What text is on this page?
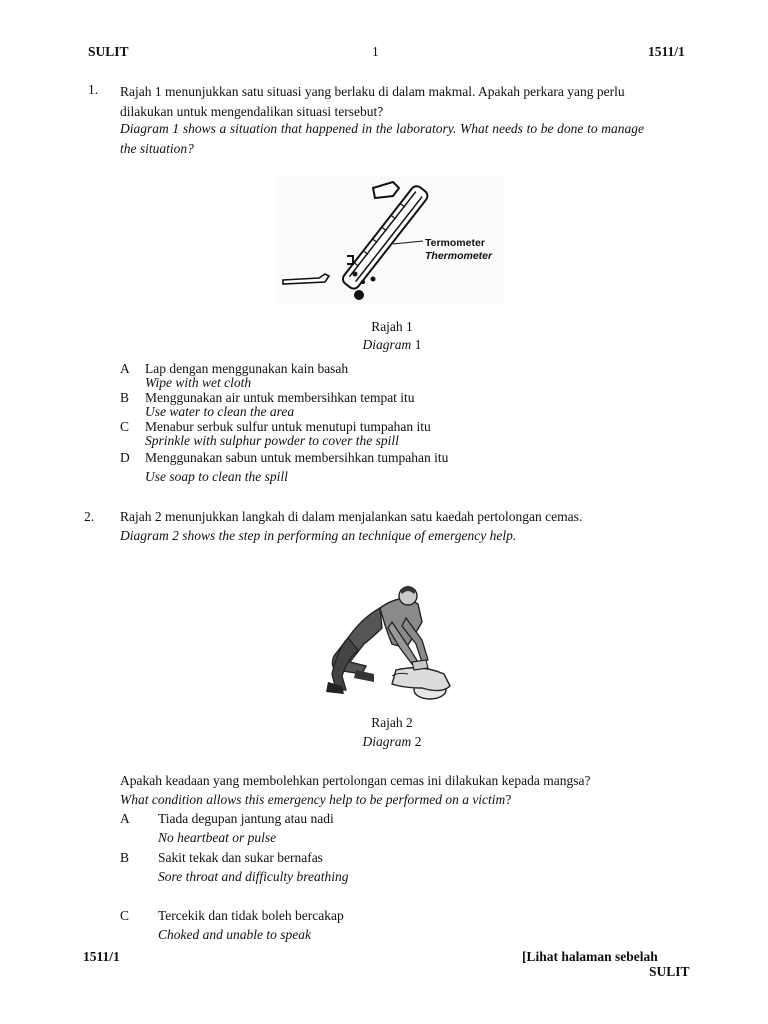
SULIT	1	1511/1
1. Rajah 1 menunjukkan satu situasi yang berlaku di dalam makmal. Apakah perkara yang perlu dilakukan untuk mengendalikan situasi tersebut?
Diagram 1 shows a situation that happened in the laboratory. What needs to be done to manage the situation?
Termometer
Thermometer
Rajah 1
Diagram 1
A Lap dengan menggunakan kain basah
Wipe with wet cloth
B Menggunakan air untuk membersihkan tempat itu
Use water to clean the area
C Menabur serbuk sulfur untuk menutupi tumpahan itu
Sprinkle with sulphur powder to cover the spill
D Menggunakan sabun untuk membersihkan tumpahan itu
Use soap to clean the spill
2. Rajah 2 menunjukkan langkah di dalam menjalankan satu kaedah pertolongan cemas.
Diagram 2 shows the step in performing an technique of emergency help.
Rajah 2
Diagram 2
Apakah keadaan yang membolehkan pertolongan cemas ini dilakukan kepada mangsa?
What condition allows this emergency help to be performed on a victim?
A Tiada degupan jantung atau nadi
No heartbeat or pulse
B Sakit tekak dan sukar bernafas
Sore throat and difficulty breathing
C Tercekik dan tidak boleh bercakap
Choked and unable to speak
1511/1	[Lihat halaman sebelah
SULIT
